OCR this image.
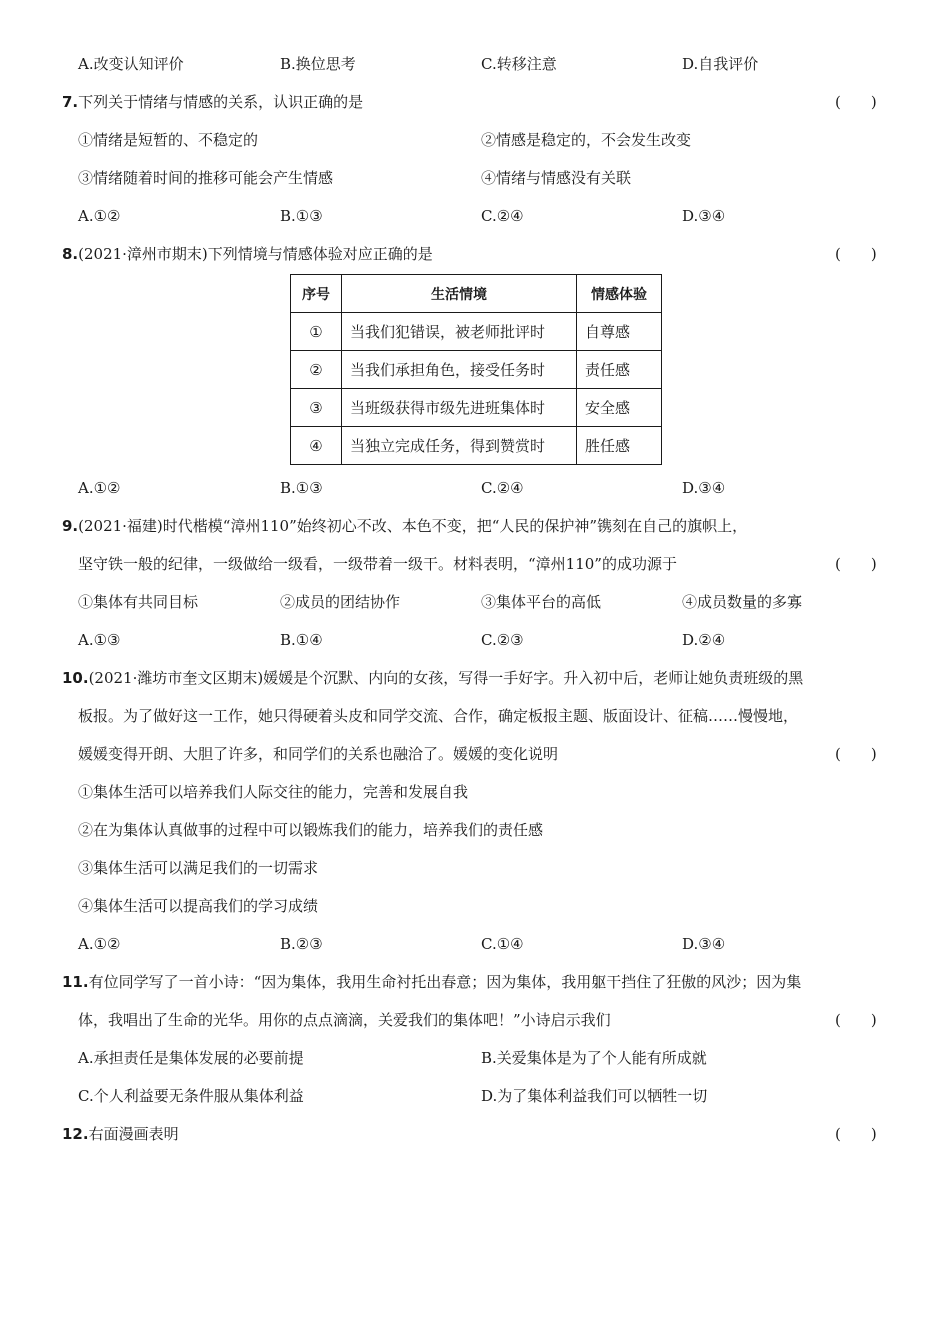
A.改变认知评价	B.换位思考	C.转移注意	D.自我评价
7.下列关于情绪与情感的关系，认识正确的是	(　　)
①情绪是短暂的、不稳定的	②情感是稳定的，不会发生改变
③情绪随着时间的推移可能会产生情感	④情绪与情感没有关联
A.①②	B.①③	C.②④	D.③④
8.(2021·漳州市期末)下列情境与情感体验对应正确的是	(　　)
序号	生活情境	情感体验
①	当我们犯错误，被老师批评时	自尊感
②	当我们承担角色，接受任务时	责任感
③	当班级获得市级先进班集体时	安全感
④	当独立完成任务，得到赞赏时	胜任感
A.①②	B.①③	C.②④	D.③④
9.(2021·福建)时代楷模“漳州110”始终初心不改、本色不变，把“人民的保护神”镌刻在自己的旗帜上，
坚守铁一般的纪律，一级做给一级看，一级带着一级干。材料表明，“漳州110”的成功源于	(　　)
①集体有共同目标	②成员的团结协作	③集体平台的高低	④成员数量的多寡
A.①③	B.①④	C.②③	D.②④
10.(2021·潍坊市奎文区期末)媛媛是个沉默、内向的女孩，写得一手好字。升入初中后，老师让她负责班级的黑
板报。为了做好这一工作，她只得硬着头皮和同学交流、合作，确定板报主题、版面设计、征稿……慢慢地，
媛媛变得开朗、大胆了许多，和同学们的关系也融洽了。媛媛的变化说明	(　　)
①集体生活可以培养我们人际交往的能力，完善和发展自我
②在为集体认真做事的过程中可以锻炼我们的能力，培养我们的责任感
③集体生活可以满足我们的一切需求
④集体生活可以提高我们的学习成绩
A.①②	B.②③	C.①④	D.③④
11.有位同学写了一首小诗：“因为集体，我用生命衬托出春意；因为集体，我用躯干挡住了狂傲的风沙；因为集
体，我唱出了生命的光华。用你的点点滴滴，关爱我们的集体吧！”小诗启示我们	(　　)
A.承担责任是集体发展的必要前提	B.关爱集体是为了个人能有所成就
C.个人利益要无条件服从集体利益	D.为了集体利益我们可以牺牲一切
12.右面漫画表明	(　　)
